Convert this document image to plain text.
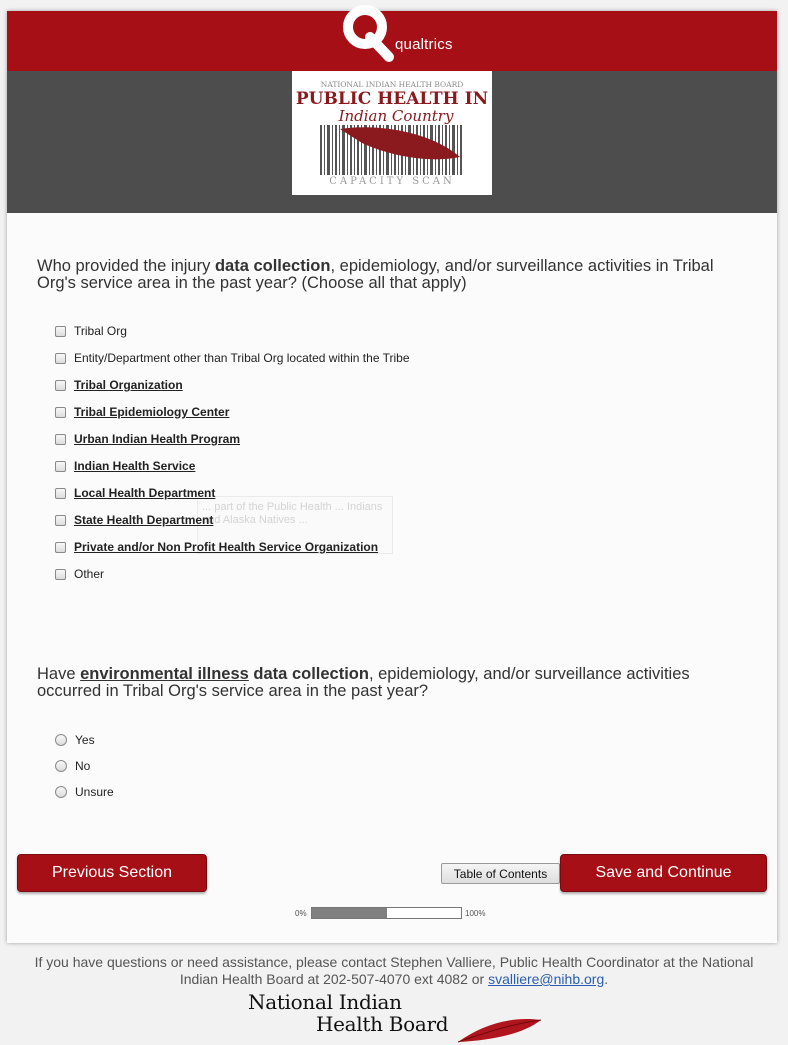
qualtrics
NATIONAL INDIAN HEALTH BOARD
PUBLIC HEALTH IN
Indian Country
CAPACITY SCAN
Who provided the injury data collection, epidemiology, and/or surveillance activities in Tribal Org's service area in the past year? (Choose all that apply)
Tribal Org
Entity/Department other than Tribal Org located within the Tribe
Tribal Organization
Tribal Epidemiology Center
Urban Indian Health Program
Indian Health Service
... part of the Public Health ... Indians and Alaska Natives ...
Local Health Department
State Health Department
Private and/or Non Profit Health Service Organization
Other
Have environmental illness data collection, epidemiology, and/or surveillance activities occurred in Tribal Org's service area in the past year?
Yes
No
Unsure
Previous Section	Table of Contents	Save and Continue
0%	100%
If you have questions or need assistance, please contact Stephen Valliere, Public Health Coordinator at the National Indian Health Board at 202-507-4070 ext 4082 or svalliere@nihb.org.
National Indian
Health Board
